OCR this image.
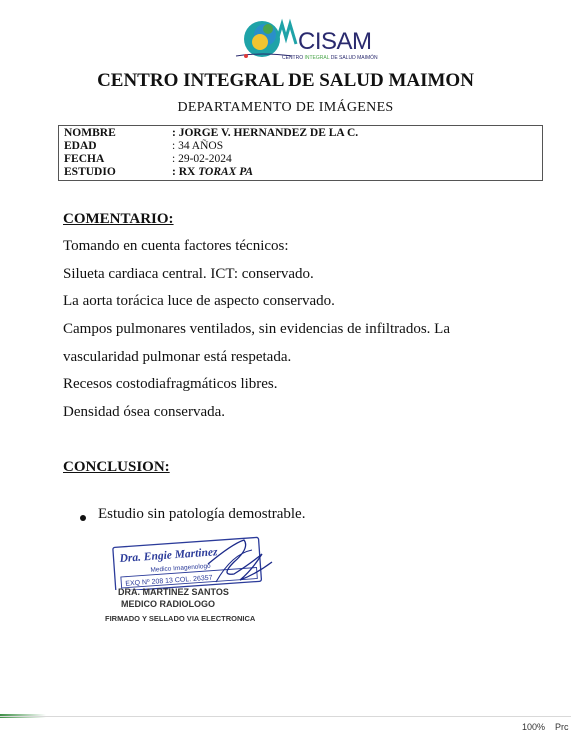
CISAM
CENTRO INTEGRAL DE SALUD MAIMÓN
CENTRO INTEGRAL DE SALUD MAIMON
DEPARTAMENTO DE IMÁGENES
NOMBRE	: JORGE V. HERNANDEZ DE LA C.
EDAD	: 34 AÑOS
FECHA	: 29-02-2024
ESTUDIO	: RX TORAX PA
COMENTARIO:
Tomando en cuenta factores técnicos:
Silueta cardiaca central. ICT: conservado.
La aorta torácica luce de aspecto conservado.
Campos pulmonares ventilados, sin evidencias de infiltrados. La
vascularidad pulmonar está respetada.
Recesos costodiafragmáticos libres.
Densidad ósea conservada.
CONCLUSION:
Estudio sin patología demostrable.
Dra. Engie Martinez
Medico Imagenologo
EXQ Nº 208 13 COL. 26357
DRA. MARTINEZ SANTOS
MEDICO RADIOLOGO
FIRMADO Y SELLADO VIA ELECTRONICA
100% Prc
